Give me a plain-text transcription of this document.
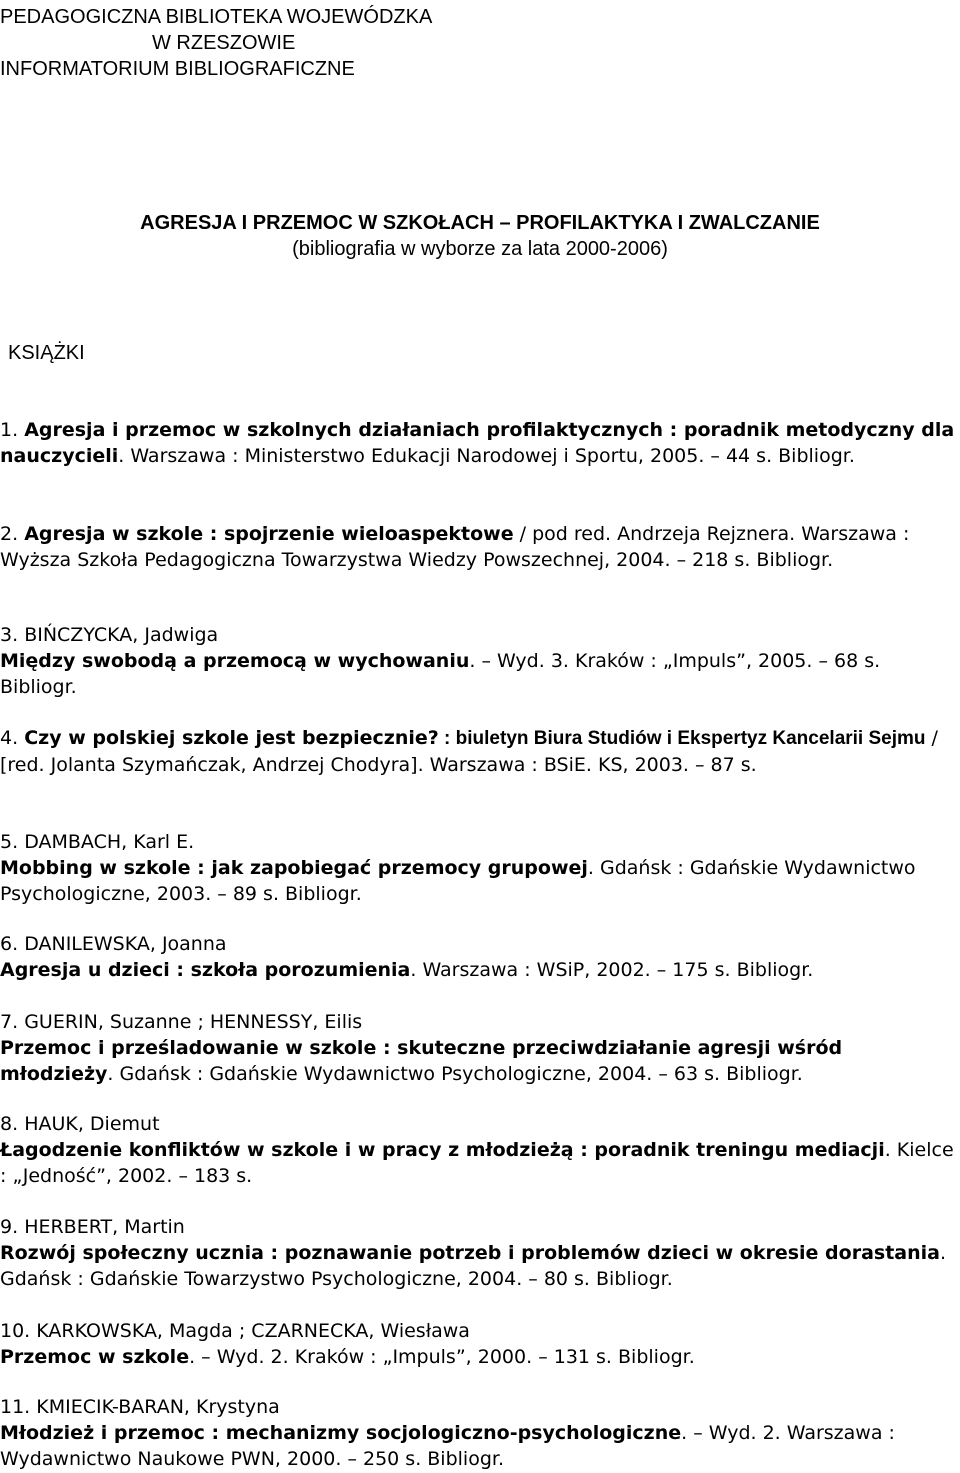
PEDAGOGICZNA BIBLIOTEKA WOJEWÓDZKA
W RZESZOWIE
INFORMATORIUM BIBLIOGRAFICZNE
AGRESJA I PRZEMOC W SZKOŁACH – PROFILAKTYKA I ZWALCZANIE
(bibliografia w wyborze za lata 2000-2006)
KSIĄŻKI
1. Agresja i przemoc w szkolnych działaniach profilaktycznych : poradnik metodyczny dla nauczycieli. Warszawa : Ministerstwo Edukacji Narodowej i Sportu, 2005. – 44 s. Bibliogr.
2. Agresja w szkole : spojrzenie wieloaspektowe / pod red. Andrzeja Rejznera. Warszawa : Wyższa Szkoła Pedagogiczna Towarzystwa Wiedzy Powszechnej, 2004. – 218 s. Bibliogr.
3. BIŃCZYCKA, Jadwiga
Między swobodą a przemocą w wychowaniu. – Wyd. 3. Kraków : „Impuls”, 2005. – 68 s. Bibliogr.
4. Czy w polskiej szkole jest bezpiecznie? : biuletyn Biura Studiów i Ekspertyz Kancelarii Sejmu / [red. Jolanta Szymańczak, Andrzej Chodyra]. Warszawa : BSiE. KS, 2003. – 87 s.
5. DAMBACH, Karl E.
Mobbing w szkole : jak zapobiegać przemocy grupowej. Gdańsk : Gdańskie Wydawnictwo Psychologiczne, 2003. – 89 s. Bibliogr.
6. DANILEWSKA, Joanna
Agresja u dzieci : szkoła porozumienia. Warszawa : WSiP, 2002. – 175 s. Bibliogr.
7. GUERIN, Suzanne ; HENNESSY, Eilis
Przemoc i prześladowanie w szkole : skuteczne przeciwdziałanie agresji wśród młodzieży. Gdańsk : Gdańskie Wydawnictwo Psychologiczne, 2004. – 63 s. Bibliogr.
8. HAUK, Diemut
Łagodzenie konfliktów w szkole i w pracy z młodzieżą : poradnik treningu mediacji. Kielce : „Jedność”, 2002. – 183 s.
9. HERBERT, Martin
Rozwój społeczny ucznia : poznawanie potrzeb i problemów dzieci w okresie dorastania. Gdańsk : Gdańskie Towarzystwo Psychologiczne, 2004. – 80 s. Bibliogr.
10. KARKOWSKA, Magda ; CZARNECKA, Wiesława
Przemoc w szkole. – Wyd. 2. Kraków : „Impuls”, 2000. – 131 s. Bibliogr.
11. KMIECIK-BARAN, Krystyna
Młodzież i przemoc : mechanizmy socjologiczno-psychologiczne. – Wyd. 2. Warszawa : Wydawnictwo Naukowe PWN, 2000. – 250 s. Bibliogr.
